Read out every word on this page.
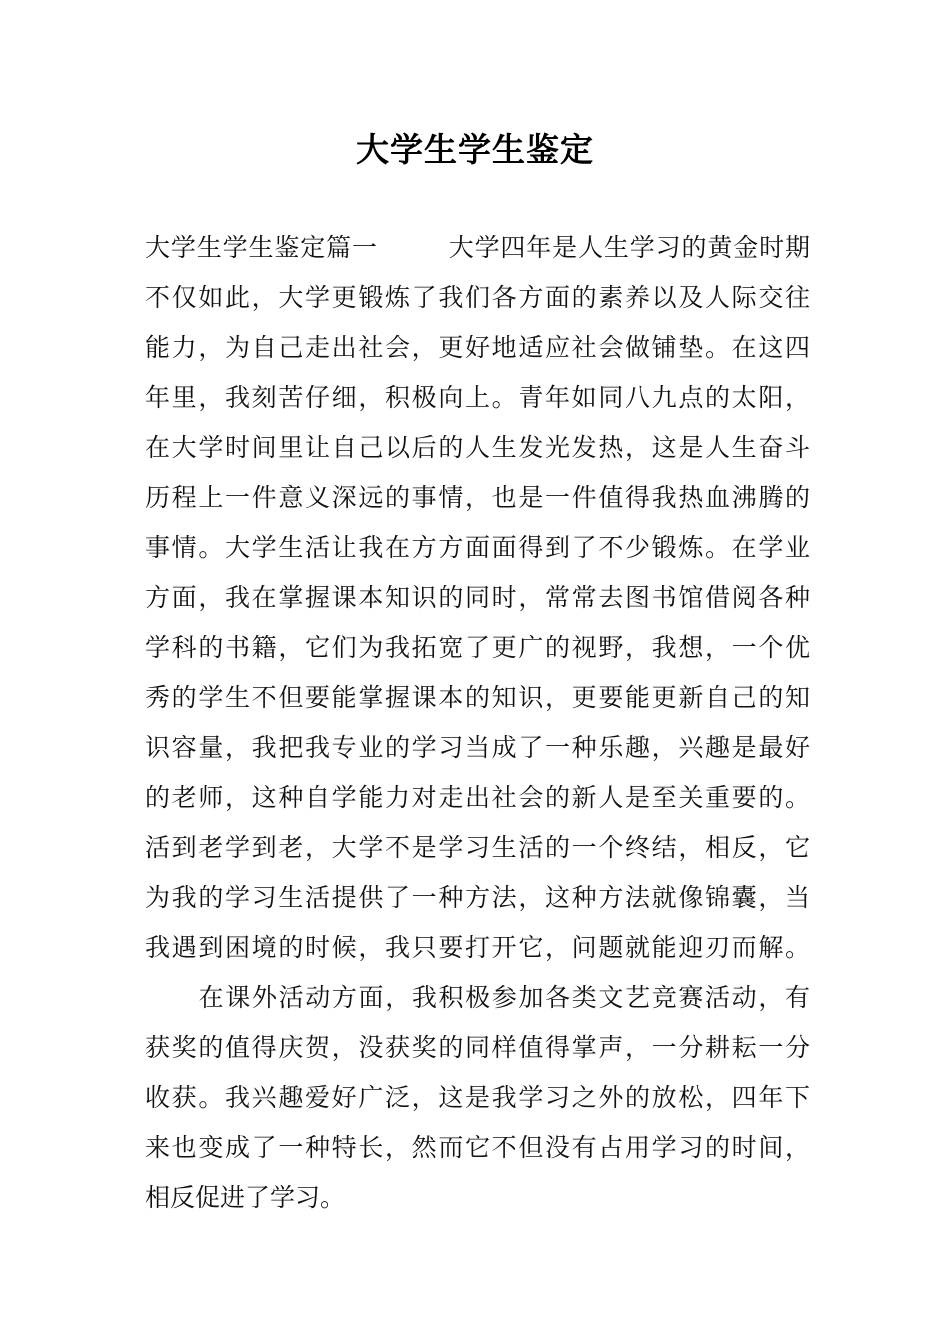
大学生学生鉴定
大学生学生鉴定篇一	大学四年是人生学习的黄金时期
不仅如此，大学更锻炼了我们各方面的素养以及人际交往
能力，为自己走出社会，更好地适应社会做铺垫。在这四
年里，我刻苦仔细，积极向上。青年如同八九点的太阳，
在大学时间里让自己以后的人生发光发热，这是人生奋斗
历程上一件意义深远的事情，也是一件值得我热血沸腾的
事情。大学生活让我在方方面面得到了不少锻炼。在学业
方面，我在掌握课本知识的同时，常常去图书馆借阅各种
学科的书籍，它们为我拓宽了更广的视野，我想，一个优
秀的学生不但要能掌握课本的知识，更要能更新自己的知
识容量，我把我专业的学习当成了一种乐趣，兴趣是最好
的老师，这种自学能力对走出社会的新人是至关重要的。
活到老学到老，大学不是学习生活的一个终结，相反，它
为我的学习生活提供了一种方法，这种方法就像锦囊，当
我遇到困境的时候，我只要打开它，问题就能迎刃而解。
在课外活动方面，我积极参加各类文艺竞赛活动，有
获奖的值得庆贺，没获奖的同样值得掌声，一分耕耘一分
收获。我兴趣爱好广泛，这是我学习之外的放松，四年下
来也变成了一种特长，然而它不但没有占用学习的时间，
相反促进了学习。
